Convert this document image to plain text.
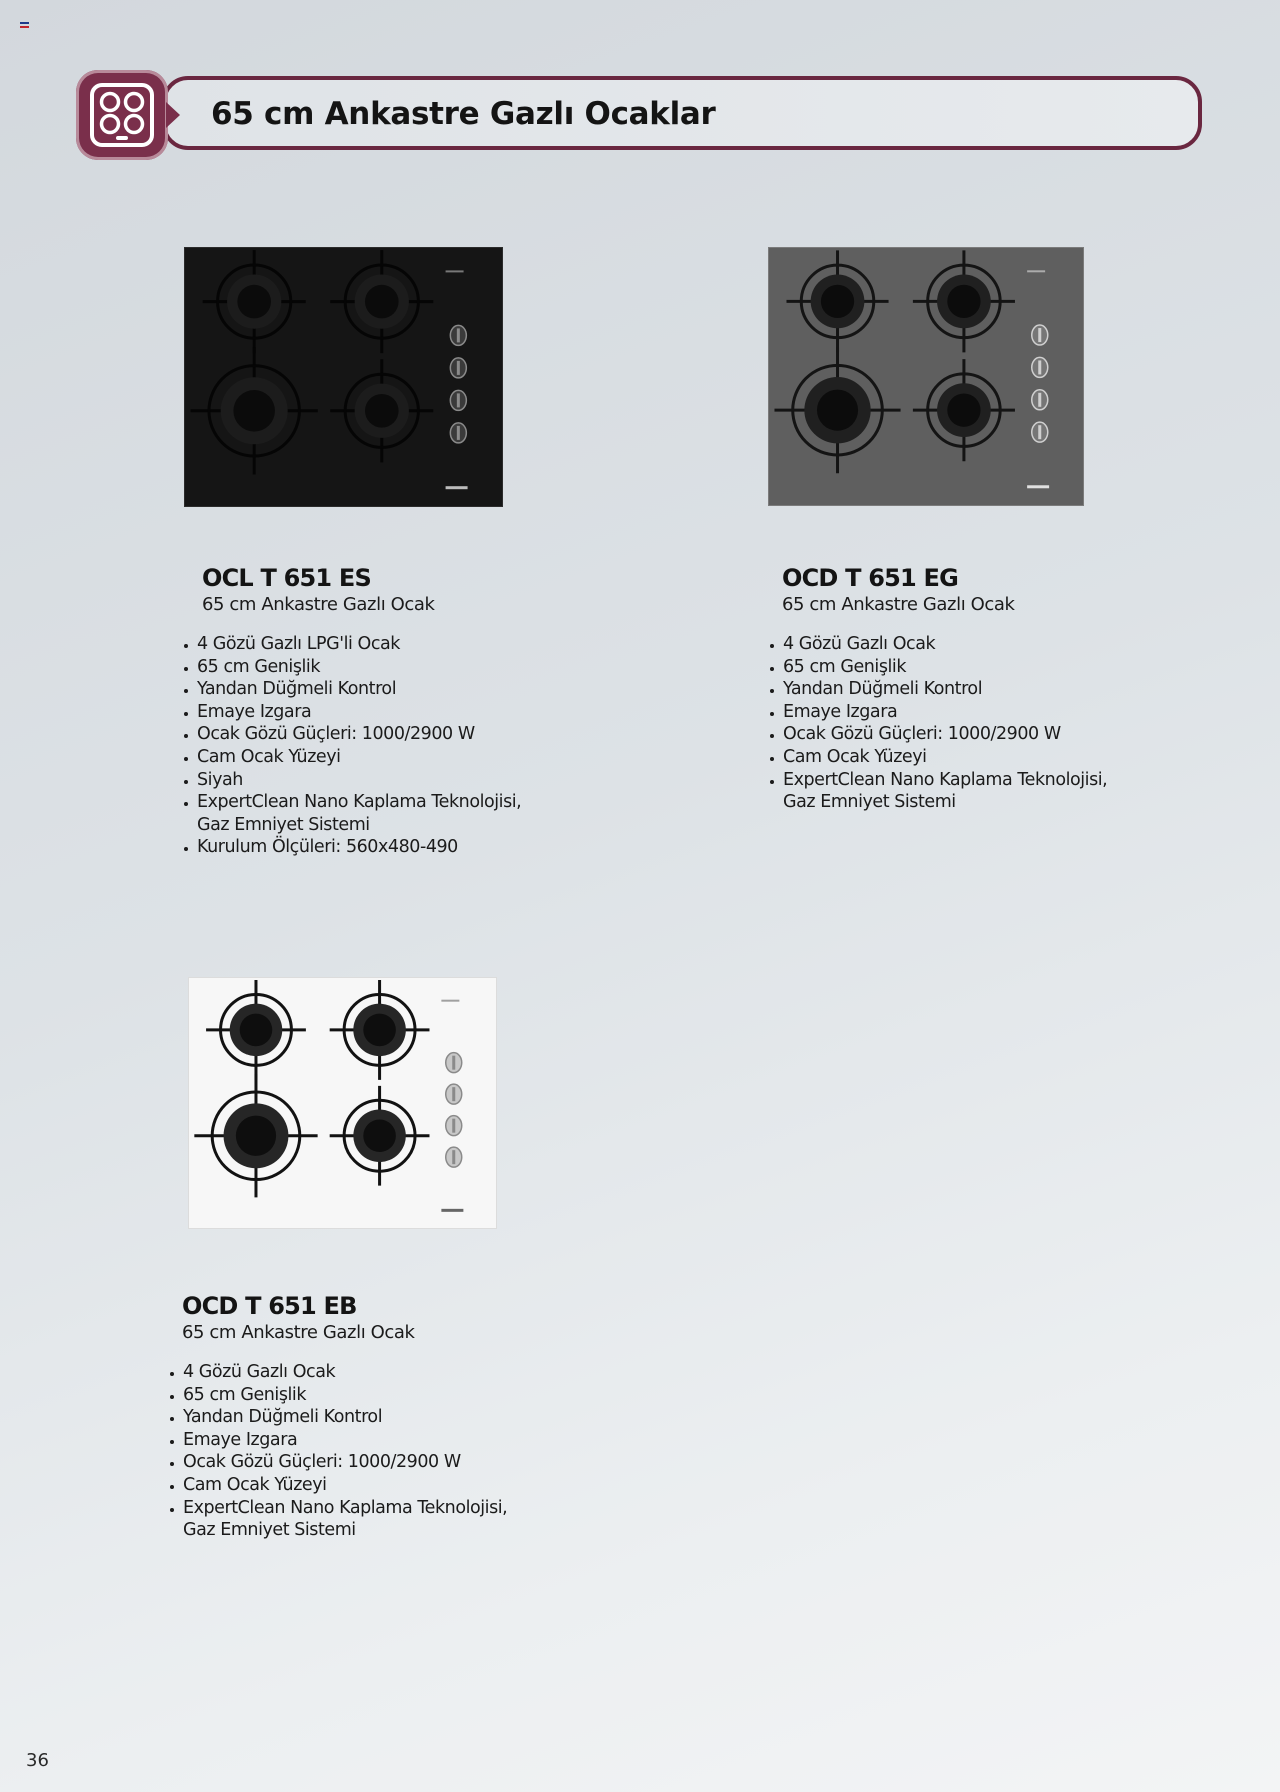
65 cm Ankastre Gazlı Ocaklar
OCL T 651 ES
65 cm Ankastre Gazlı Ocak
4 Gözü Gazlı LPG'li Ocak
65 cm Genişlik
Yandan Düğmeli Kontrol
Emaye Izgara
Ocak Gözü Güçleri: 1000/2900 W
Cam Ocak Yüzeyi
Siyah
ExpertClean Nano Kaplama Teknolojisi,
Gaz Emniyet Sistemi
Kurulum Ölçüleri: 560x480-490
OCD T 651 EG
65 cm Ankastre Gazlı Ocak
4 Gözü Gazlı Ocak
65 cm Genişlik
Yandan Düğmeli Kontrol
Emaye Izgara
Ocak Gözü Güçleri: 1000/2900 W
Cam Ocak Yüzeyi
ExpertClean Nano Kaplama Teknolojisi,
Gaz Emniyet Sistemi
OCD T 651 EB
65 cm Ankastre Gazlı Ocak
4 Gözü Gazlı Ocak
65 cm Genişlik
Yandan Düğmeli Kontrol
Emaye Izgara
Ocak Gözü Güçleri: 1000/2900 W
Cam Ocak Yüzeyi
ExpertClean Nano Kaplama Teknolojisi,
Gaz Emniyet Sistemi
36
